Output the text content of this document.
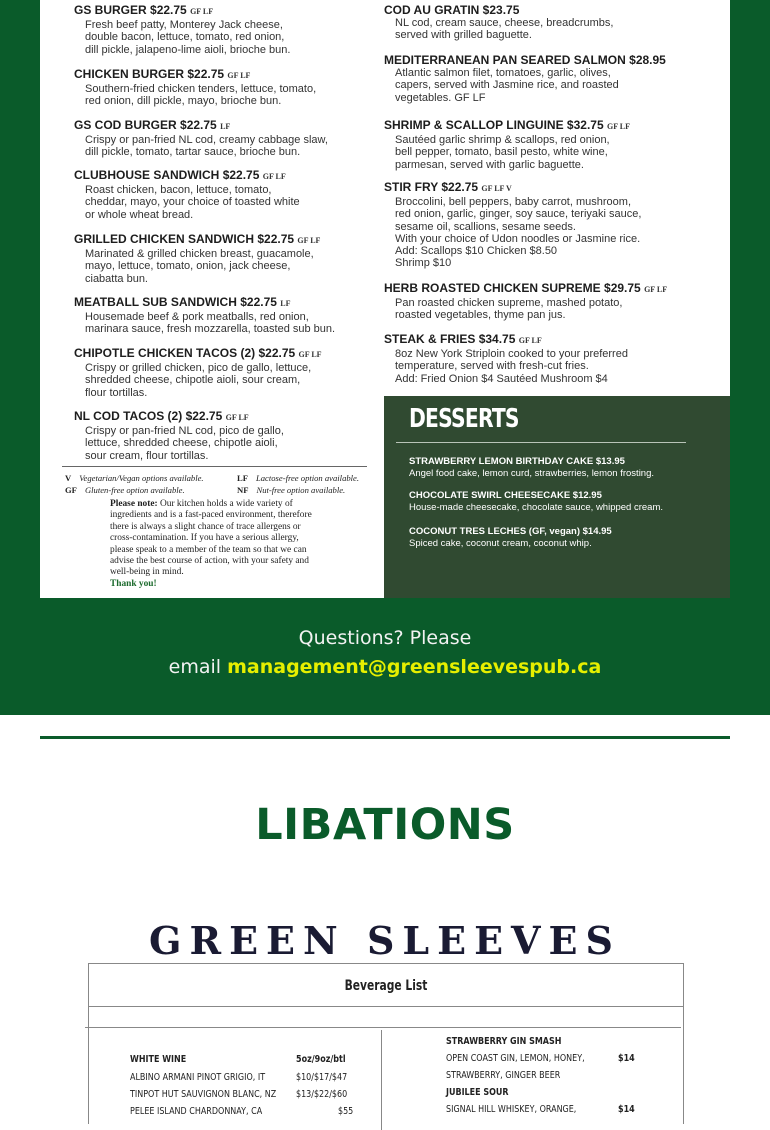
GS BURGER $22.75 GF LF
Fresh beef patty, Monterey Jack cheese,
double bacon, lettuce, tomato, red onion,
dill pickle, jalapeno-lime aioli, brioche bun.
CHICKEN BURGER $22.75 GF LF
Southern-fried chicken tenders, lettuce, tomato,
red onion, dill pickle, mayo, brioche bun.
GS COD BURGER $22.75 LF
Crispy or pan-fried NL cod, creamy cabbage slaw,
dill pickle, tomato, tartar sauce, brioche bun.
CLUBHOUSE SANDWICH $22.75 GF LF
Roast chicken, bacon, lettuce, tomato,
cheddar, mayo, your choice of toasted white
or whole wheat bread.
GRILLED CHICKEN SANDWICH $22.75 GF LF
Marinated & grilled chicken breast, guacamole,
mayo, lettuce, tomato, onion, jack cheese,
ciabatta bun.
MEATBALL SUB SANDWICH $22.75 LF
Housemade beef & pork meatballs, red onion,
marinara sauce, fresh mozzarella, toasted sub bun.
CHIPOTLE CHICKEN TACOS (2) $22.75 GF LF
Crispy or grilled chicken, pico de gallo, lettuce,
shredded cheese, chipotle aioli, sour cream,
flour tortillas.
NL COD TACOS (2) $22.75 GF LF
Crispy or pan-fried NL cod, pico de gallo,
lettuce, shredded cheese, chipotle aioli,
sour cream, flour tortillas.
COD AU GRATIN $23.75
NL cod, cream sauce, cheese, breadcrumbs,
served with grilled baguette.
MEDITERRANEAN PAN SEARED SALMON $28.95
Atlantic salmon filet, tomatoes, garlic, olives,
capers, served with Jasmine rice, and roasted
vegetables. GF LF
SHRIMP & SCALLOP LINGUINE $32.75 GF LF
Sautéed garlic shrimp & scallops, red onion,
bell pepper, tomato, basil pesto, white wine,
parmesan, served with garlic baguette.
STIR FRY $22.75 GF LF V
Broccolini, bell peppers, baby carrot, mushroom,
red onion, garlic, ginger, soy sauce, teriyaki sauce,
sesame oil, scallions, sesame seeds.
With your choice of Udon noodles or Jasmine rice.
Add: Scallops $10 Chicken $8.50
Shrimp $10
HERB ROASTED CHICKEN SUPREME $29.75 GF LF
Pan roasted chicken supreme, mashed potato,
roasted vegetables, thyme pan jus.
STEAK & FRIES $34.75 GF LF
8oz New York Striploin cooked to your preferred
temperature, served with fresh-cut fries.
Add: Fried Onion $4 Sautéed Mushroom $4
V Vegetarian/Vegan options available.	LF Lactose-free option available.
GF Gluten-free option available.	NF Nut-free option available.
Please note: Our kitchen holds a wide variety of
ingredients and is a fast-paced environment, therefore
there is always a slight chance of trace allergens or
cross-contamination. If you have a serious allergy,
please speak to a member of the team so that we can
advise the best course of action, with your safety and
well-being in mind.
Thank you!
DESSERTS
STRAWBERRY LEMON BIRTHDAY CAKE $13.95
Angel food cake, lemon curd, strawberries, lemon frosting.
CHOCOLATE SWIRL CHEESECAKE $12.95
House-made cheesecake, chocolate sauce, whipped cream.
COCONUT TRES LECHES (GF, vegan) $14.95
Spiced cake, coconut cream, coconut whip.
Questions? Please
email management@greensleevespub.ca
LIBATIONS
GREEN SLEEVES
Beverage List
WHITE WINE	5oz/9oz/btl
ALBINO ARMANI PINOT GRIGIO, IT	$10/$17/$47
TINPOT HUT SAUVIGNON BLANC, NZ $13/$22/$60
PELEE ISLAND CHARDONNAY, CA	$55
STRAWBERRY GIN SMASH
OPEN COAST GIN, LEMON, HONEY,	$14
STRAWBERRY, GINGER BEER
JUBILEE SOUR
SIGNAL HILL WHISKEY, ORANGE,	$14
